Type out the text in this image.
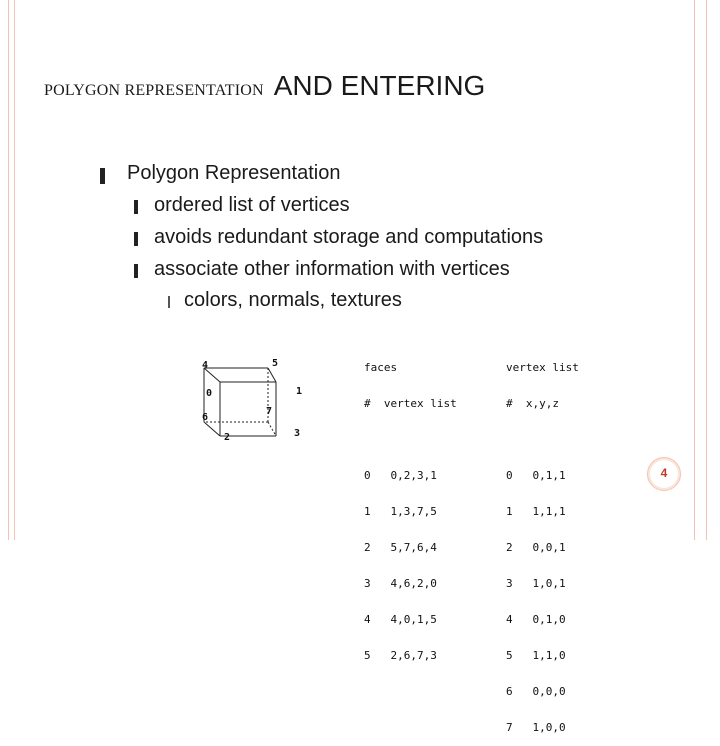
POLYGON REPRESENTATION AND ENTERING
Polygon Representation
ordered list of vertices
avoids redundant storage and computations
associate other information with vertices
colors, normals, textures
0	1
2	3
4	5
6
7

faces

# vertex list

0 0,2,3,1

1 1,3,7,5

2 5,7,6,4

3 4,6,2,0

4 4,0,1,5

5 2,6,7,3

vertex list

# x,y,z

0 0,1,1

1 1,1,1

2 0,0,1

3 1,0,1

4 0,1,0

5 1,1,0

6 0,0,0

7 1,0,0

4
